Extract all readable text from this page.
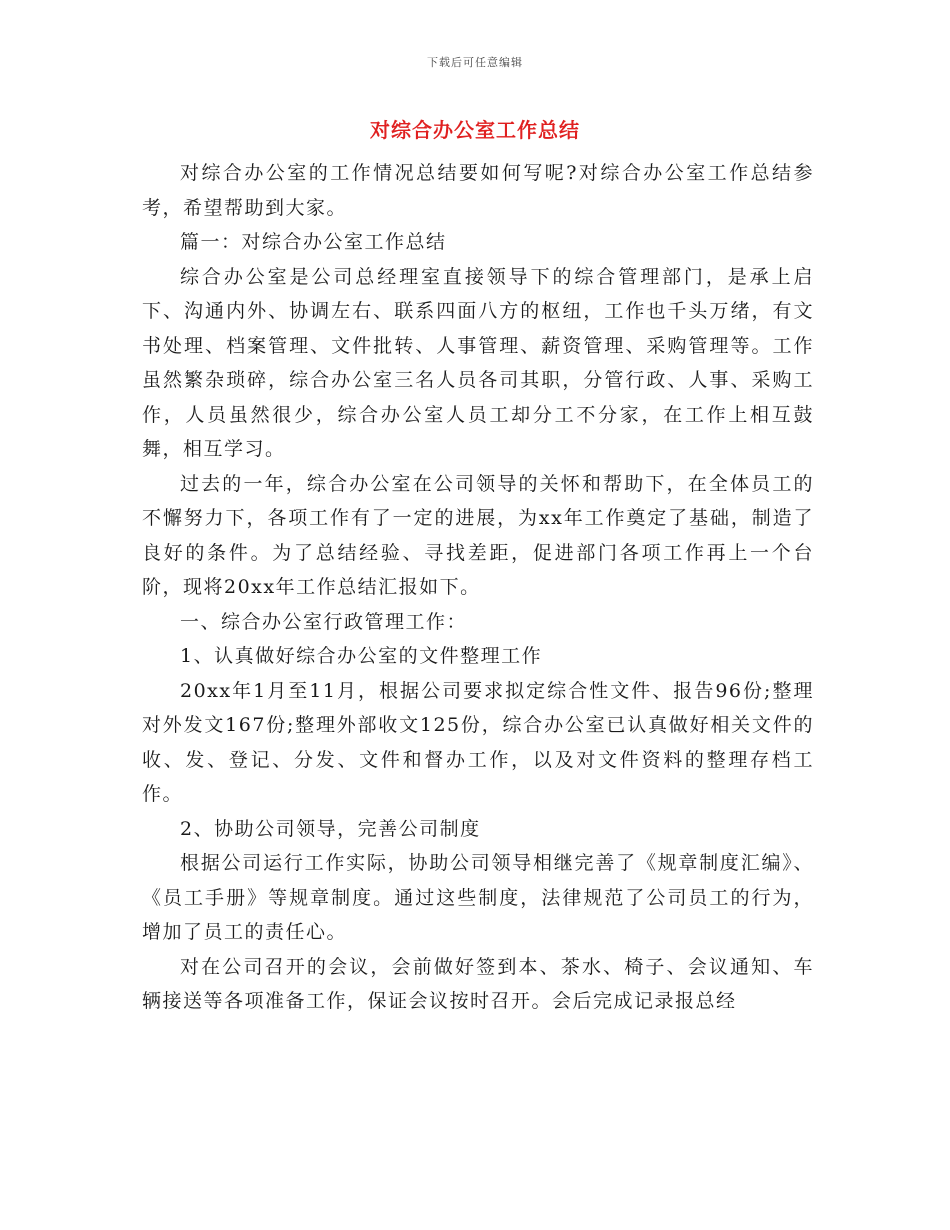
下载后可任意编辑
对综合办公室工作总结

对综合办公室的工作情况总结要如何写呢?对综合办公室工作总结参考，希望帮助到大家。

篇一：对综合办公室工作总结

综合办公室是公司总经理室直接领导下的综合管理部门，是承上启下、沟通内外、协调左右、联系四面八方的枢纽，工作也千头万绪，有文书处理、档案管理、文件批转、人事管理、薪资管理、采购管理等。工作虽然繁杂琐碎，综合办公室三名人员各司其职，分管行政、人事、采购工作，人员虽然很少，综合办公室人员工却分工不分家，在工作上相互鼓舞，相互学习。

过去的一年，综合办公室在公司领导的关怀和帮助下，在全体员工的不懈努力下，各项工作有了一定的进展，为xx年工作奠定了基础，制造了良好的条件。为了总结经验、寻找差距，促进部门各项工作再上一个台阶，现将20xx年工作总结汇报如下。

一、综合办公室行政管理工作：

1、认真做好综合办公室的文件整理工作

20xx年1月至11月，根据公司要求拟定综合性文件、报告96份;整理对外发文167份;整理外部收文125份，综合办公室已认真做好相关文件的收、发、登记、分发、文件和督办工作，以及对文件资料的整理存档工作。

2、协助公司领导，完善公司制度

根据公司运行工作实际，协助公司领导相继完善了《规章制度汇编》、《员工手册》等规章制度。通过这些制度，法律规范了公司员工的行为，增加了员工的责任心。

对在公司召开的会议，会前做好签到本、茶水、椅子、会议通知、车辆接送等各项准备工作，保证会议按时召开。会后完成记录报总经
